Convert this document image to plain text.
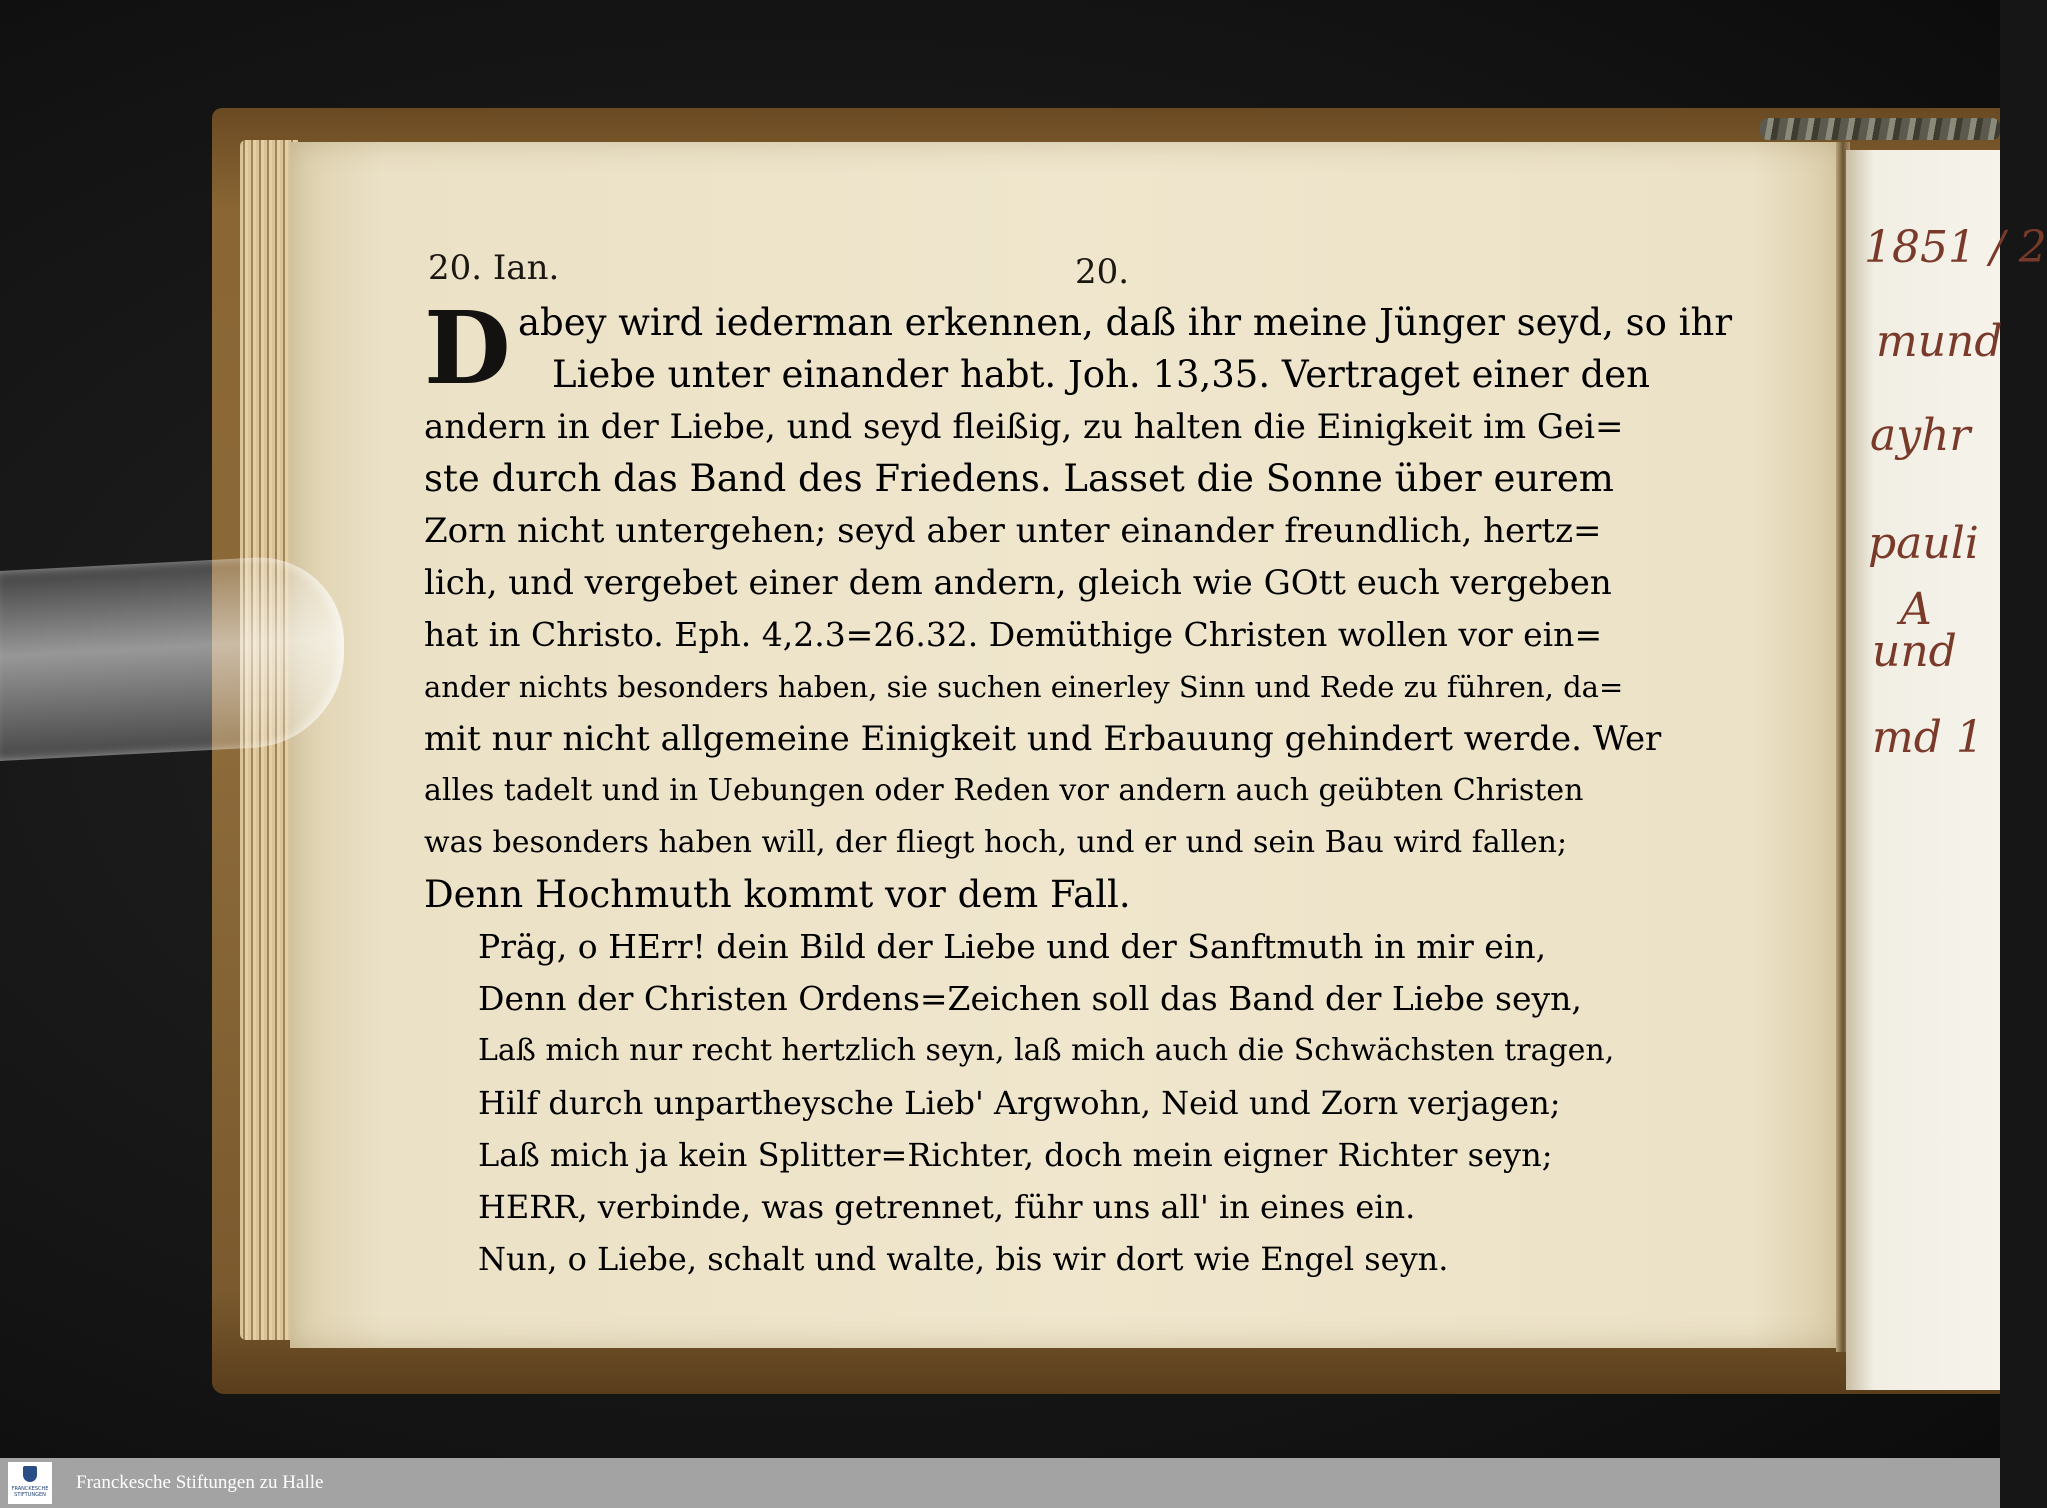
1851 / 2
mund
ayhr
pauli
A
und
md 1
20. Ian.	20.
D abey wird iederman erkennen, daß ihr meine Jünger seyd, so ihr
Liebe unter einander habt. Joh. 13,35. Vertraget einer den
andern in der Liebe, und seyd fleißig, zu halten die Einigkeit im Gei=
ste durch das Band des Friedens. Lasset die Sonne über eurem
Zorn nicht untergehen; seyd aber unter einander freundlich, hertz=
lich, und vergebet einer dem andern, gleich wie GOtt euch vergeben
hat in Christo. Eph. 4,2.3=26.32. Demüthige Christen wollen vor ein=
ander nichts besonders haben, sie suchen einerley Sinn und Rede zu führen, da=
mit nur nicht allgemeine Einigkeit und Erbauung gehindert werde. Wer
alles tadelt und in Uebungen oder Reden vor andern auch geübten Christen
was besonders haben will, der fliegt hoch, und er und sein Bau wird fallen;
Denn Hochmuth kommt vor dem Fall.
Präg, o HErr! dein Bild der Liebe und der Sanftmuth in mir ein,
Denn der Christen Ordens=Zeichen soll das Band der Liebe seyn,
Laß mich nur recht hertzlich seyn, laß mich auch die Schwächsten tragen,
Hilf durch unpartheysche Lieb' Argwohn, Neid und Zorn verjagen;
Laß mich ja kein Splitter=Richter, doch mein eigner Richter seyn;
HERR, verbinde, was getrennet, führ uns all' in eines ein.
Nun, o Liebe, schalt und walte, bis wir dort wie Engel seyn.
FRANCKESCHE STIFTUNGEN
Franckesche Stiftungen zu Halle
